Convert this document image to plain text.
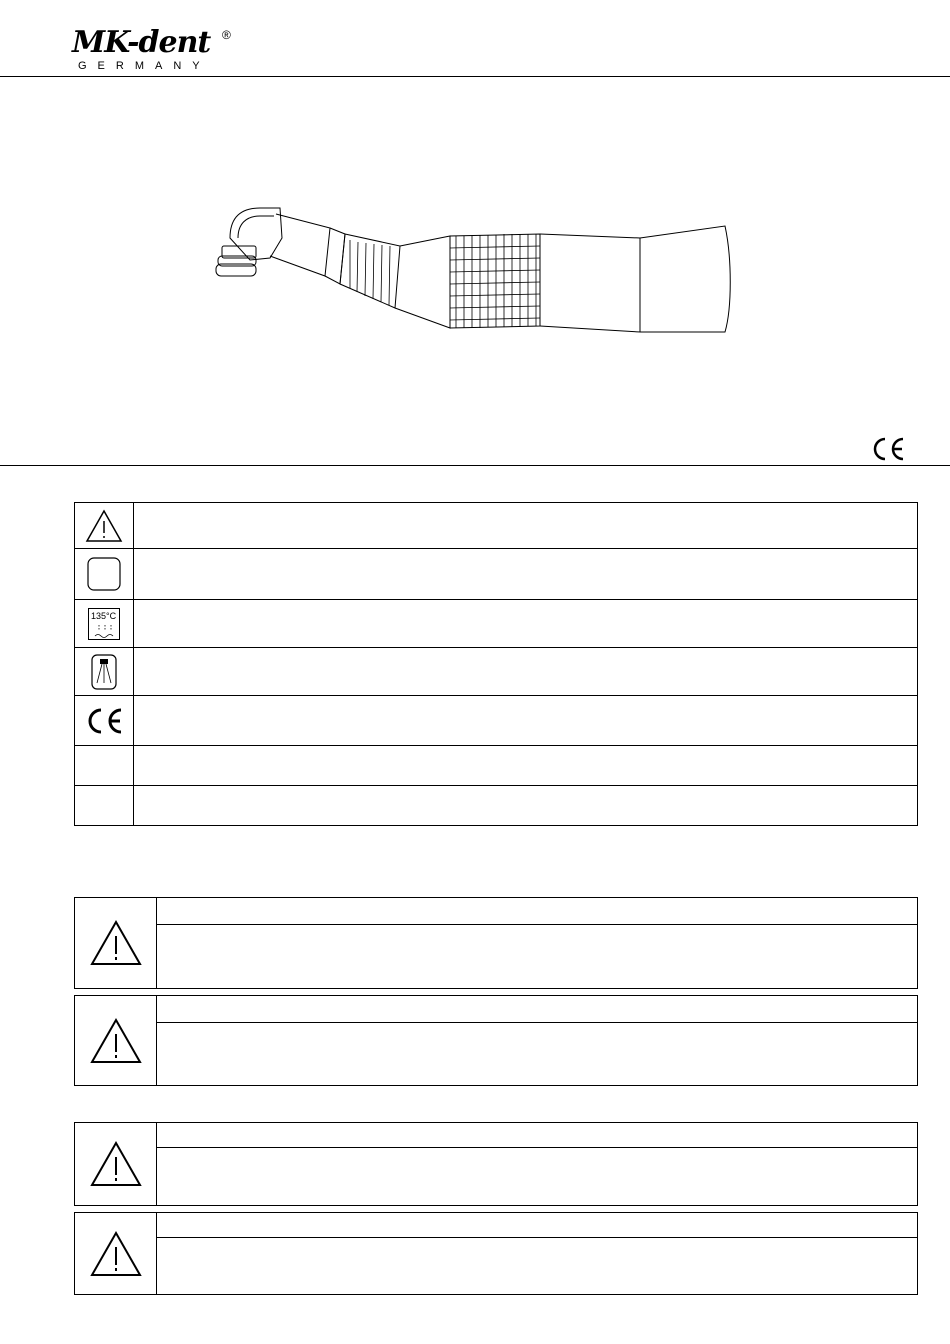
MK-dent ®
GERMANY
135°C
